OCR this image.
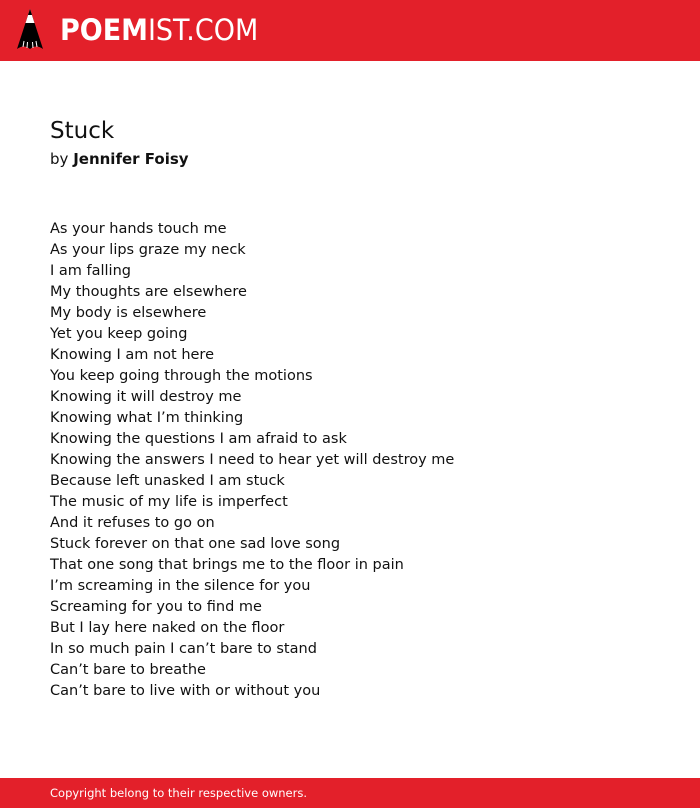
POEMIST.COM
Stuck
by Jennifer Foisy
As your hands touch me
As your lips graze my neck
I am falling
My thoughts are elsewhere
My body is elsewhere
Yet you keep going
Knowing I am not here
You keep going through the motions
Knowing it will destroy me
Knowing what I’m thinking
Knowing the questions I am afraid to ask
Knowing the answers I need to hear yet will destroy me
Because left unasked I am stuck
The music of my life is imperfect
And it refuses to go on
Stuck forever on that one sad love song
That one song that brings me to the floor in pain
I’m screaming in the silence for you
Screaming for you to find me
But I lay here naked on the floor
In so much pain I can’t bare to stand
Can’t bare to breathe
Can’t bare to live with or without you
Copyright belong to their respective owners.
